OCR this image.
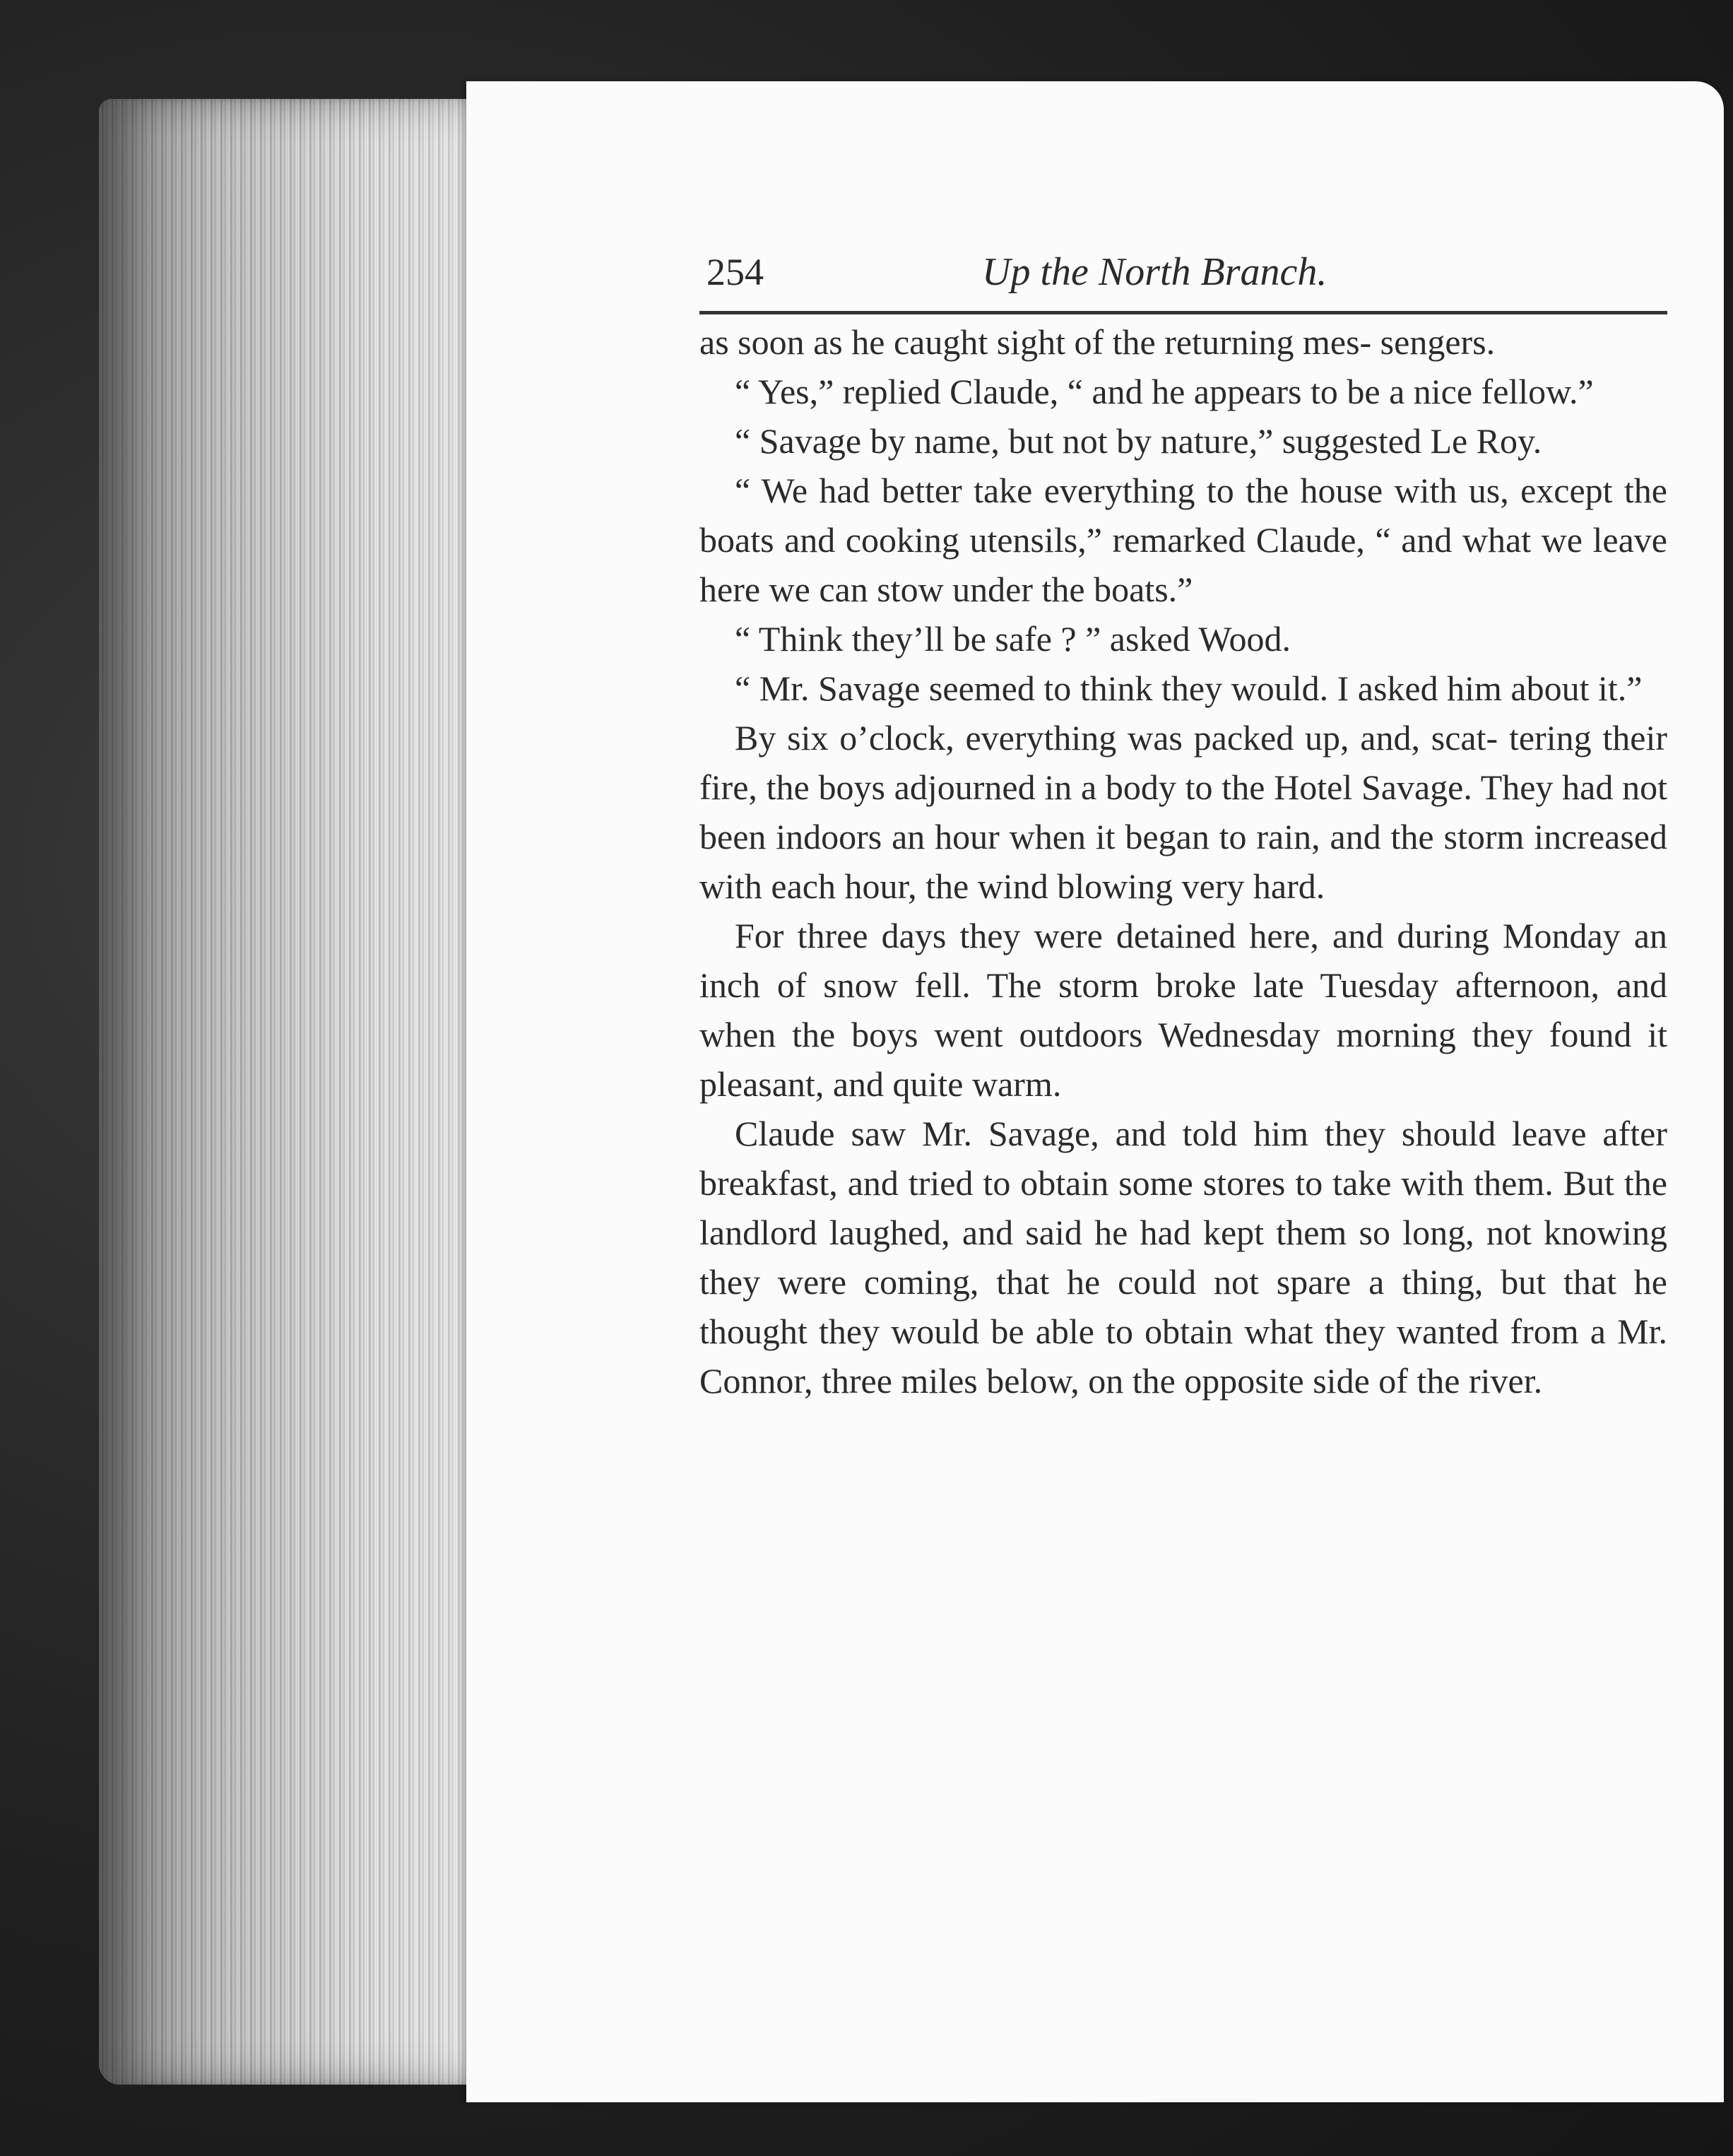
254	Up the North Branch.

as soon as he caught sight of the returning mes- sengers.

“ Yes,” replied Claude, “ and he appears to be a nice fellow.”

“ Savage by name, but not by nature,” suggested Le Roy.

“ We had better take everything to the house with us, except the boats and cooking utensils,” remarked Claude, “ and what we leave here we can stow under the boats.”

“ Think they’ll be safe ? ” asked Wood.

“ Mr. Savage seemed to think they would. I asked him about it.”

By six o’clock, everything was packed up, and, scat- tering their fire, the boys adjourned in a body to the Hotel Savage. They had not been indoors an hour when it began to rain, and the storm increased with each hour, the wind blowing very hard.

For three days they were detained here, and during Monday an inch of snow fell. The storm broke late Tuesday afternoon, and when the boys went outdoors Wednesday morning they found it pleasant, and quite warm.

Claude saw Mr. Savage, and told him they should leave after breakfast, and tried to obtain some stores to take with them. But the landlord laughed, and said he had kept them so long, not knowing they were coming, that he could not spare a thing, but that he thought they would be able to obtain what they wanted from a Mr. Connor, three miles below, on the opposite side of the river.
